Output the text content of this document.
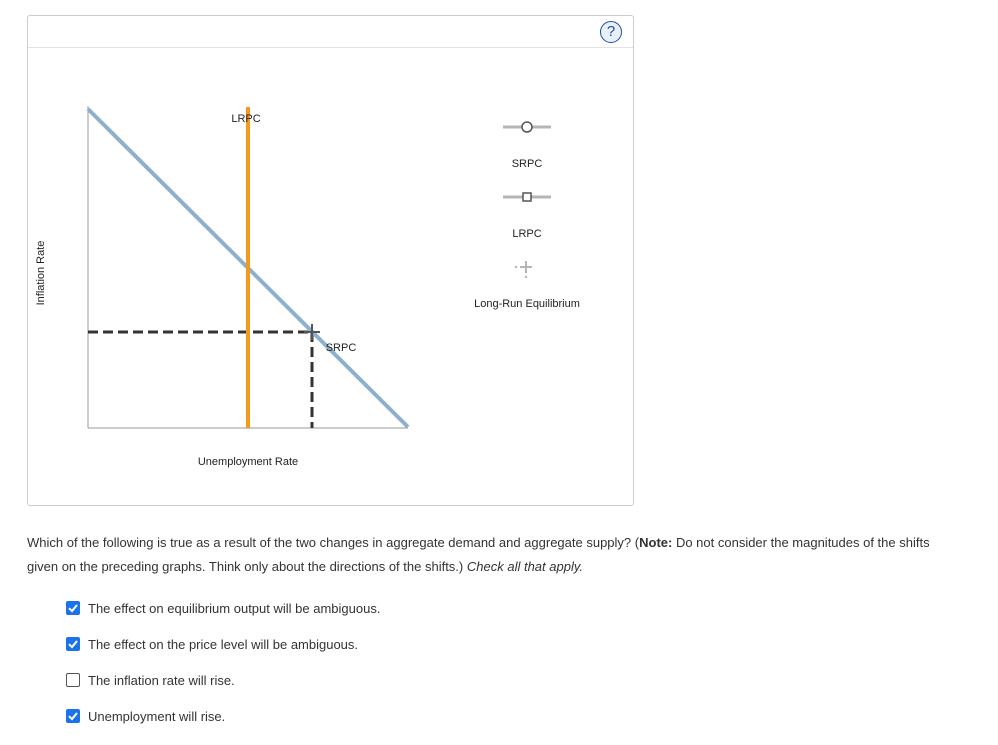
?
Inflation Rate
LRPC
SRPC
Unemployment Rate
SRPC
LRPC
Long-Run Equilibrium
Which of the following is true as a result of the two changes in aggregate demand and aggregate supply? (Note: Do not consider the magnitudes of the shifts given on the preceding graphs. Think only about the directions of the shifts.) Check all that apply.
The effect on equilibrium output will be ambiguous.
The effect on the price level will be ambiguous.
The inflation rate will rise.
Unemployment will rise.
